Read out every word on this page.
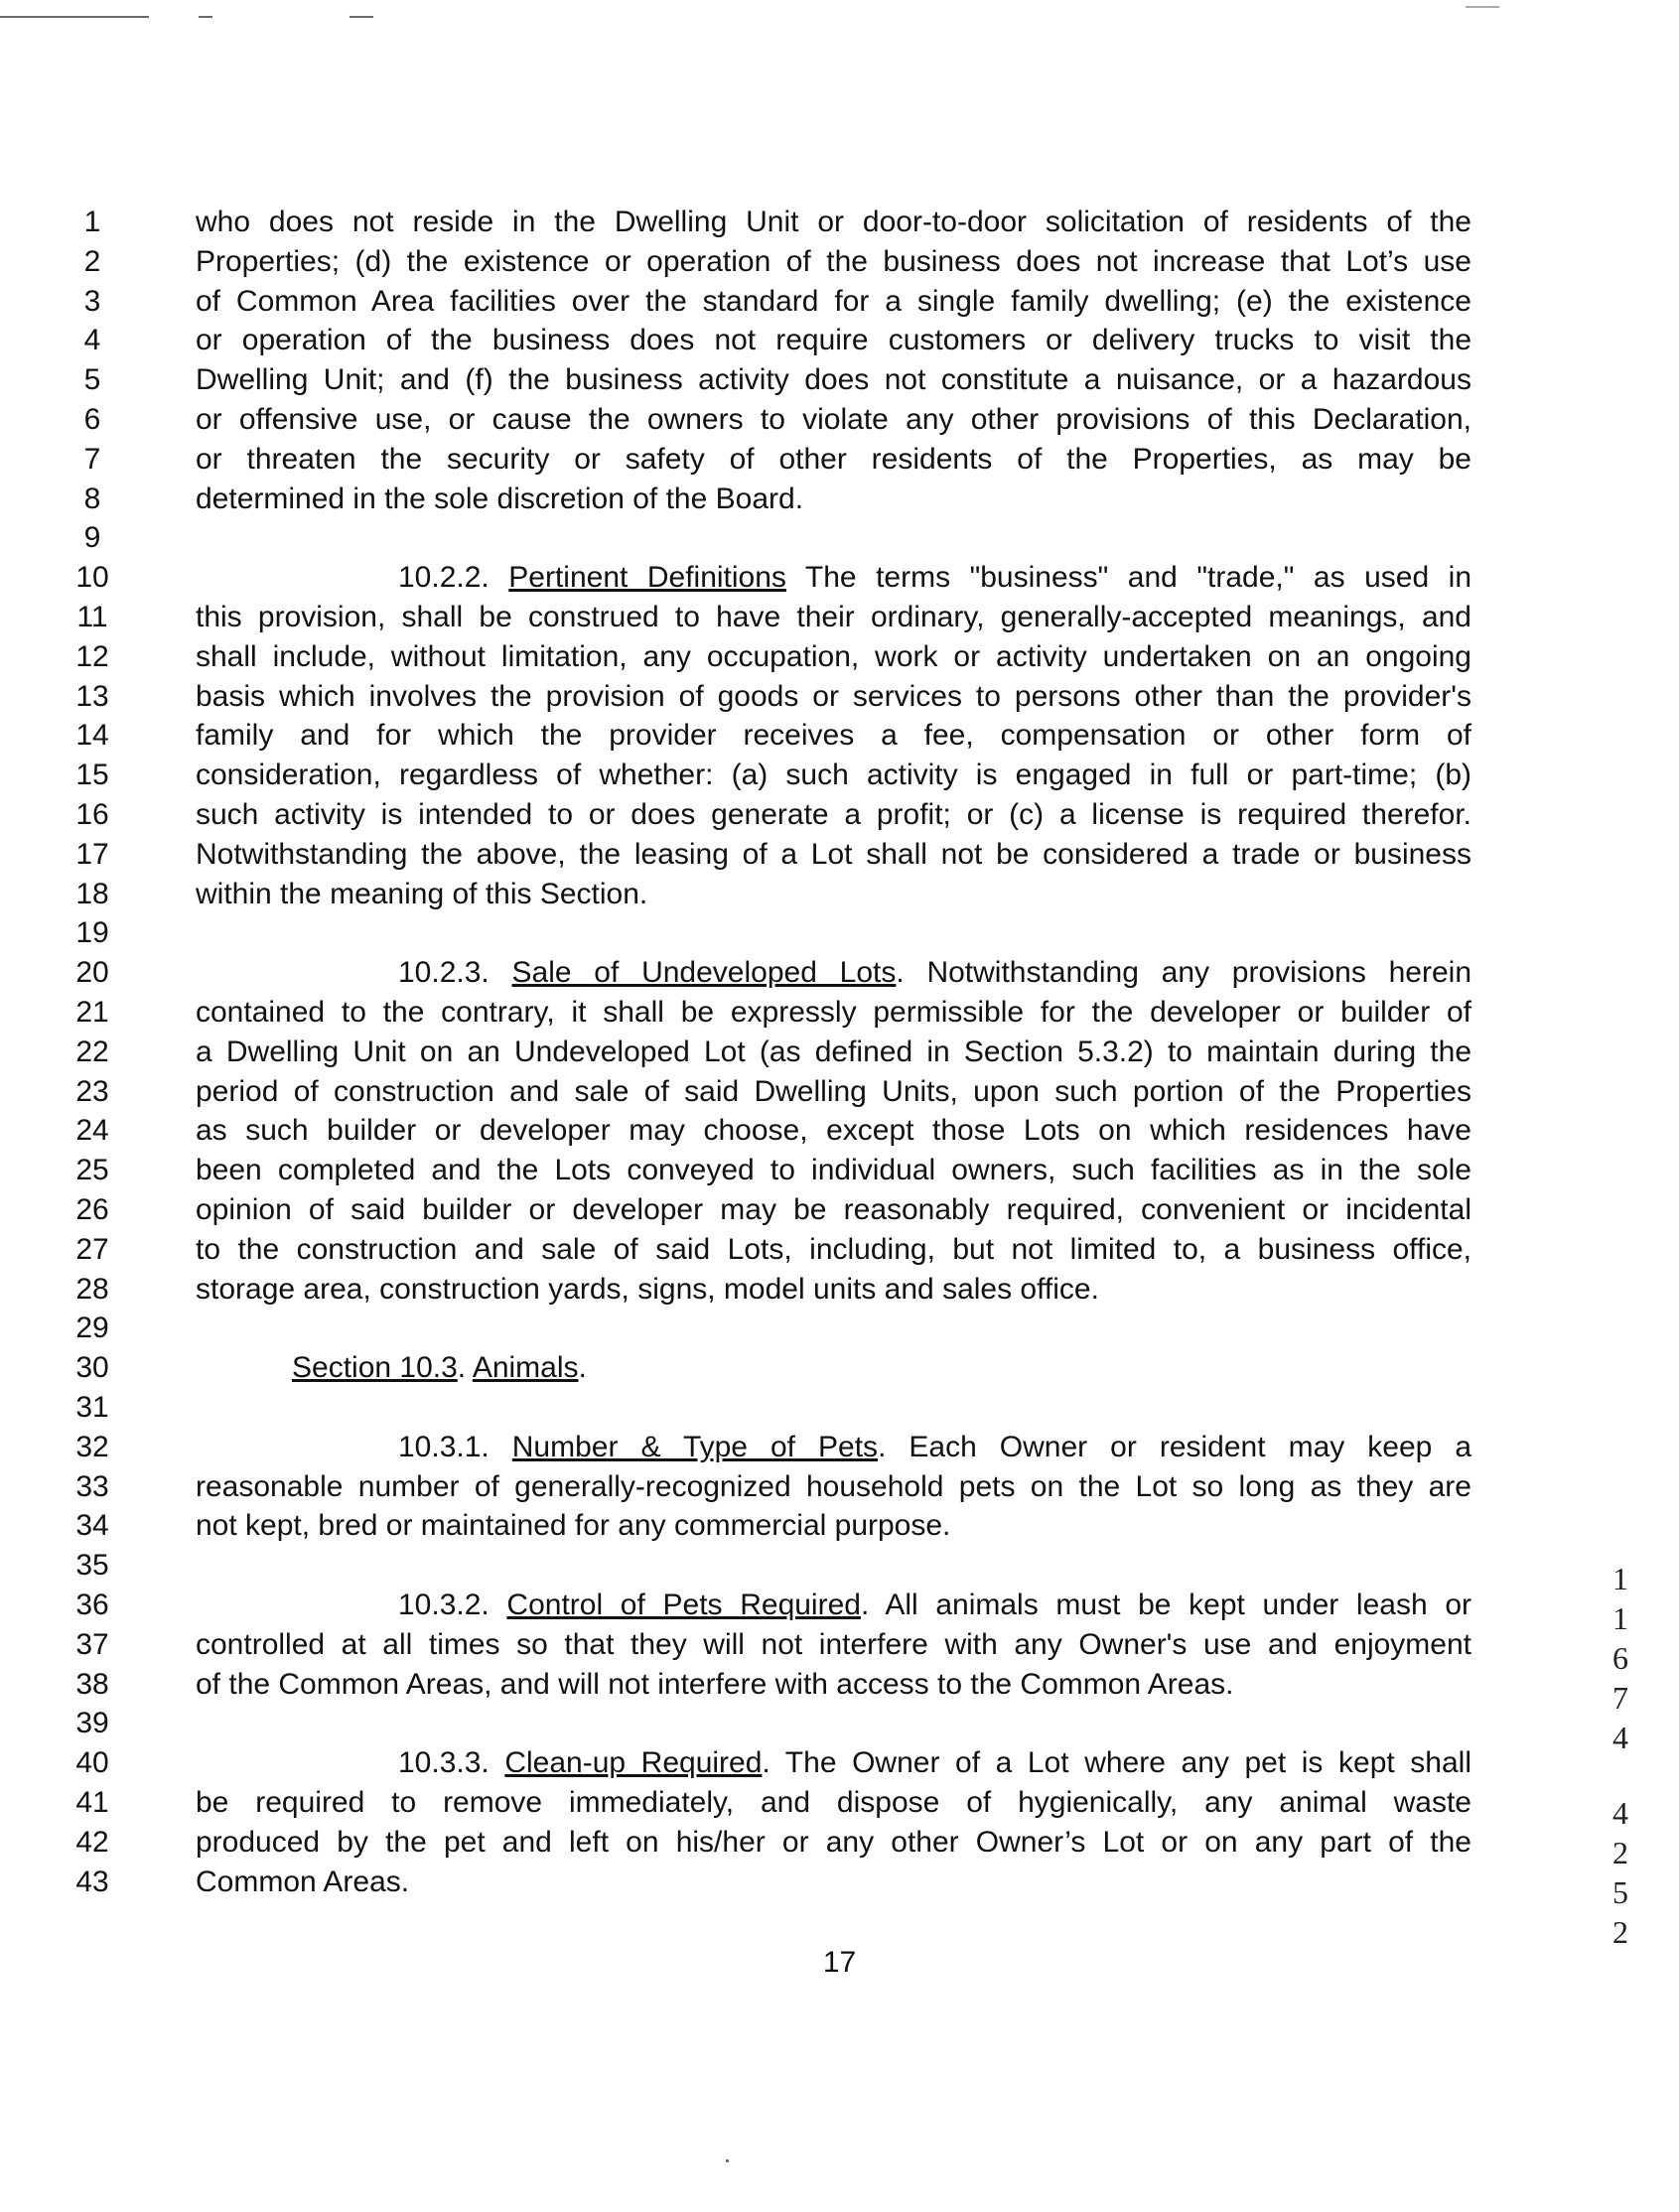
1	who does not reside in the Dwelling Unit or door-to-door solicitation of residents of the
2	Properties; (d) the existence or operation of the business does not increase that Lot’s use
3	of Common Area facilities over the standard for a single family dwelling; (e) the existence
4	or operation of the business does not require customers or delivery trucks to visit the
5	Dwelling Unit; and (f) the business activity does not constitute a nuisance, or a hazardous
6	or offensive use, or cause the owners to violate any other provisions of this Declaration,
7	or threaten the security or safety of other residents of the Properties, as may be
8	determined in the sole discretion of the Board.
9
10	10.2.2. Pertinent Definitions The terms "business" and "trade," as used in
11	this provision, shall be construed to have their ordinary, generally-accepted meanings, and
12	shall include, without limitation, any occupation, work or activity undertaken on an ongoing
13	basis which involves the provision of goods or services to persons other than the provider's
14	family and for which the provider receives a fee, compensation or other form of
15	consideration, regardless of whether: (a) such activity is engaged in full or part-time; (b)
16	such activity is intended to or does generate a profit; or (c) a license is required therefor.
17	Notwithstanding the above, the leasing of a Lot shall not be considered a trade or business
18	within the meaning of this Section.
19
20	10.2.3. Sale of Undeveloped Lots. Notwithstanding any provisions herein
21	contained to the contrary, it shall be expressly permissible for the developer or builder of
22	a Dwelling Unit on an Undeveloped Lot (as defined in Section 5.3.2) to maintain during the
23	period of construction and sale of said Dwelling Units, upon such portion of the Properties
24	as such builder or developer may choose, except those Lots on which residences have
25	been completed and the Lots conveyed to individual owners, such facilities as in the sole
26	opinion of said builder or developer may be reasonably required, convenient or incidental
27	to the construction and sale of said Lots, including, but not limited to, a business office,
28	storage area, construction yards, signs, model units and sales office.
29
30	Section 10.3. Animals.
31
32	10.3.1. Number & Type of Pets. Each Owner or resident may keep a
33	reasonable number of generally-recognized household pets on the Lot so long as they are
34	not kept, bred or maintained for any commercial purpose.
35
36	10.3.2. Control of Pets Required. All animals must be kept under leash or
37	controlled at all times so that they will not interfere with any Owner's use and enjoyment
38	of the Common Areas, and will not interfere with access to the Common Areas.
39
40	10.3.3. Clean-up Required. The Owner of a Lot where any pet is kept shall
41	be required to remove immediately, and dispose of hygienically, any animal waste
42	produced by the pet and left on his/her or any other Owner’s Lot or on any part of the
43	Common Areas.
17
1
1
6
7
4
4
2
5
2
